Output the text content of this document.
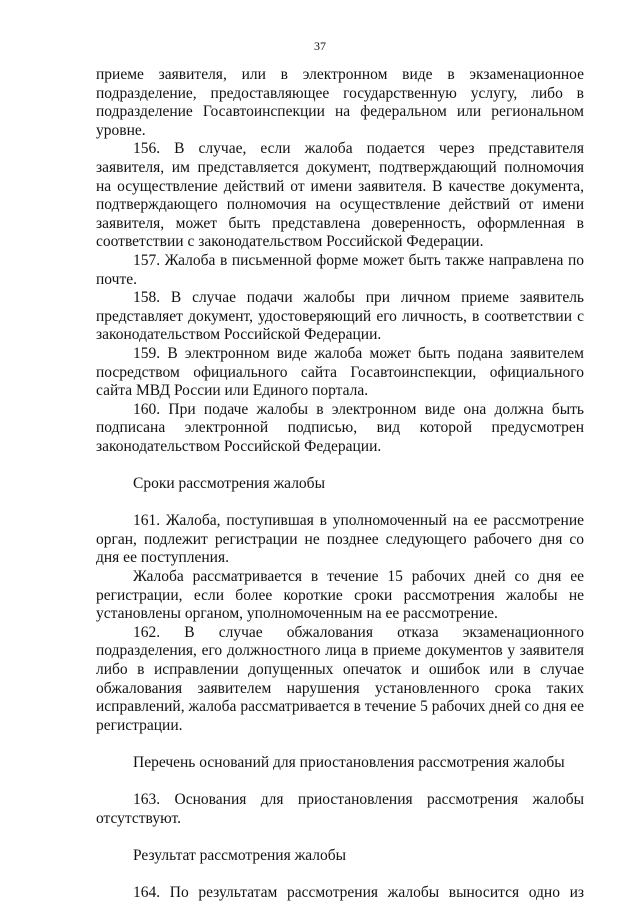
37

приеме заявителя, или в электронном виде в экзаменационное подразделение, предоставляющее государственную услугу, либо в подразделение Госавтоинспекции на федеральном или региональном уровне.

156. В случае, если жалоба подается через представителя заявителя, им представляется документ, подтверждающий полномочия на осуществление действий от имени заявителя. В качестве документа, подтверждающего полномочия на осуществление действий от имени заявителя, может быть представлена доверенность, оформленная в соответствии с законодательством Российской Федерации.

157. Жалоба в письменной форме может быть также направлена по почте.

158. В случае подачи жалобы при личном приеме заявитель представляет документ, удостоверяющий его личность, в соответствии с законодательством Российской Федерации.

159. В электронном виде жалоба может быть подана заявителем посредством официального сайта Госавтоинспекции, официального сайта МВД России или Единого портала.

160. При подаче жалобы в электронном виде она должна быть подписана электронной подписью, вид которой предусмотрен законодательством Российской Федерации.

Сроки рассмотрения жалобы

161. Жалоба, поступившая в уполномоченный на ее рассмотрение орган, подлежит регистрации не позднее следующего рабочего дня со дня ее поступления.

Жалоба рассматривается в течение 15 рабочих дней со дня ее регистрации, если более короткие сроки рассмотрения жалобы не установлены органом, уполномоченным на ее рассмотрение.

162. В случае обжалования отказа экзаменационного подразделения, его должностного лица в приеме документов у заявителя либо в исправлении допущенных опечаток и ошибок или в случае обжалования заявителем нарушения установленного срока таких исправлений, жалоба рассматривается в течение 5 рабочих дней со дня ее регистрации.

Перечень оснований для приостановления рассмотрения жалобы

163. Основания для приостановления рассмотрения жалобы отсутствуют.

Результат рассмотрения жалобы

164. По результатам рассмотрения жалобы выносится одно из
